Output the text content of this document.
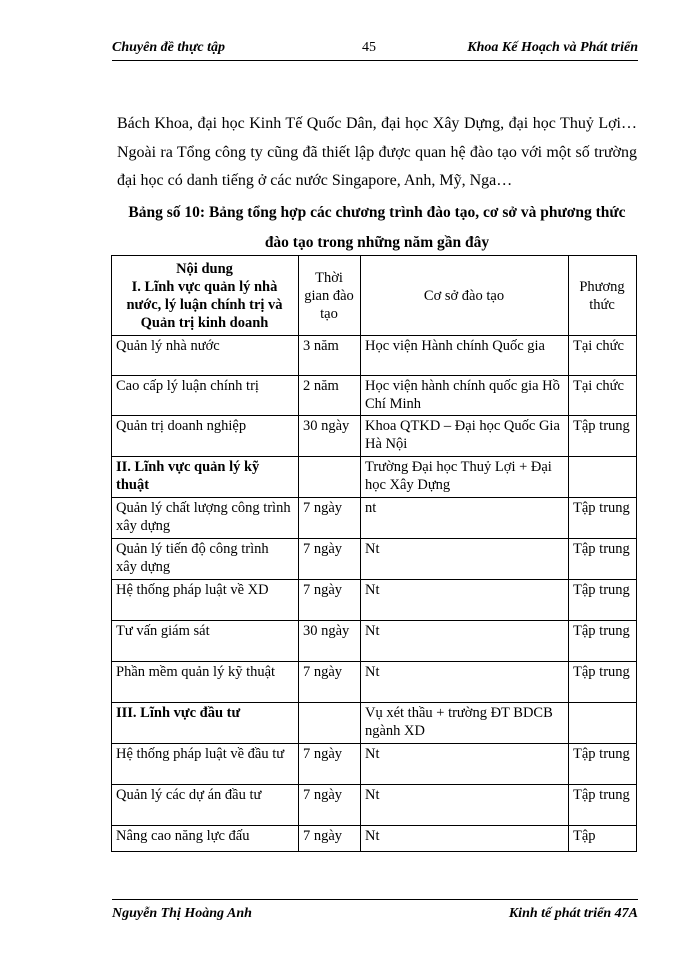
Chuyên đề thực tập	45	Khoa Kế Hoạch và Phát triển

Bách Khoa, đại học Kinh Tế Quốc Dân, đại học Xây Dựng, đại học Thuỷ Lợi… Ngoài ra Tổng công ty cũng đã thiết lập được quan hệ đào tạo với một số trường đại học có danh tiếng ở các nước Singapore, Anh, Mỹ, Nga…

Bảng số 10: Bảng tổng hợp các chương trình đào tạo, cơ sở và phương thức đào tạo trong những năm gần đây
Nội dung
I. Lĩnh vực quản lý nhà nước, lý luận chính trị và Quản trị kinh doanh	Thời gian đào tạo	Cơ sở đào tạo	Phương thức
Quản lý nhà nước	3 năm	Học viện Hành chính Quốc gia	Tại chức
Cao cấp lý luận chính trị	2 năm	Học viện hành chính quốc gia Hồ Chí Minh	Tại chức
Quản trị doanh nghiệp	30 ngày	Khoa QTKD – Đại học Quốc Gia Hà Nội	Tập trung
II. Lĩnh vực quản lý kỹ thuật		Trường Đại học Thuỷ Lợi + Đại học Xây Dựng	
Quản lý chất lượng công trình xây dựng	7 ngày	nt	Tập trung
Quản lý tiến độ công trình xây dựng	7 ngày	Nt	Tập trung
Hệ thống pháp luật về XD	7 ngày	Nt	Tập trung
Tư vấn giám sát	30 ngày	Nt	Tập trung
Phần mềm quản lý kỹ thuật	7 ngày	Nt	Tập trung
III. Lĩnh vực đầu tư		Vụ xét thầu + trường ĐT BDCB ngành XD	
Hệ thống pháp luật về đầu tư	7 ngày	Nt	Tập trung
Quản lý các dự án đầu tư	7 ngày	Nt	Tập trung
Nâng cao năng lực đấu	7 ngày	Nt	Tập
Nguyễn Thị Hoàng Anh	Kinh tế phát triển 47A
